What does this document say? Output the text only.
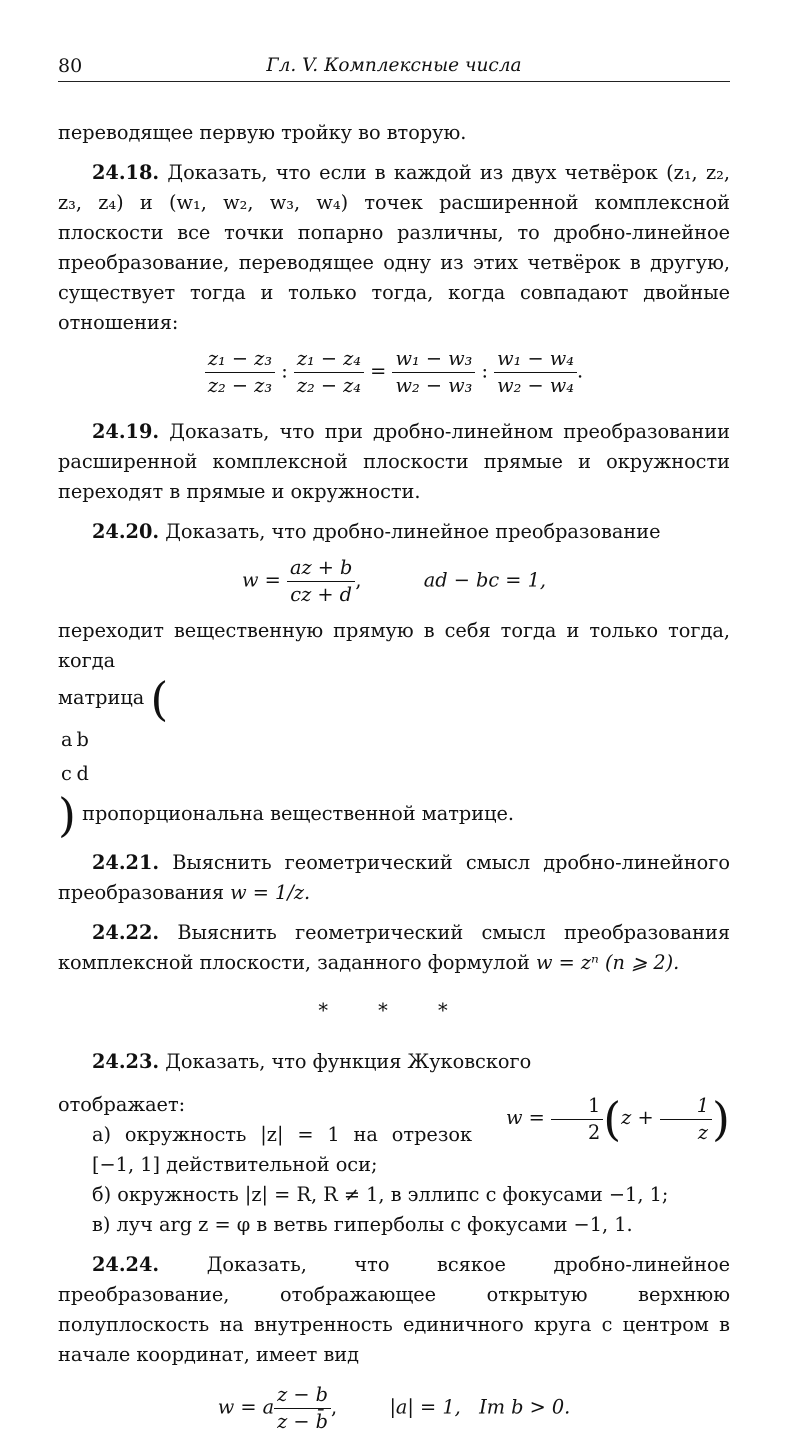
80	Гл. V. Комплексные числа

переводящее первую тройку во вторую.

24.18. Доказать, что если в каждой из двух четвёрок (z₁, z₂, z₃, z₄) и (w₁, w₂, w₃, w₄) точек расширенной комплексной плоскости все точки попарно различны, то дробно-линейное преобразование, переводящее одну из этих четвёрок в другую, существует тогда и только тогда, когда совпадают двойные отношения:

$\frac{\text{z₁ − z₃}}{\text{z₂ − z₃}}$ : $\frac{\text{z₁ − z₄}}{\text{z₂ − z₄}} = \frac{\text{w₁ − w₃}}{\text{w₂ − w₃}}$ : $\frac{\text{w₁ − w₄}}{\text{w₂ − w₄}}$ .

24.19. Доказать, что при дробно-линейном преобразовании расширенной комплексной плоскости прямые и окружности переходят в прямые и окружности.

24.20. Доказать, что дробно-линейное преобразование

$w = \frac{az + b}{cz + d}$ ,	ad − bc = 1,

переходит вещественную прямую в себя тогда и только тогда, когда

матрица (

a	b
c	d
) пропорциональна вещественной матрице.

24.21. Выяснить геометрический смысл дробно-линейного преобразования w = 1/z.

24.22. Выяснить геометрический смысл преобразования комплексной плоскости, заданного формулой w = zⁿ (n ⩾ 2).

* * *

24.23. Доказать, что функция Жуковского
$w = \frac{1}{2} (z + \frac{1}{z}$ )

отображает:

а) окружность |z| = 1 на отрезок [−1, 1] действительной оси;

б) окружность |z| = R, R ≠ 1, в эллипс с фокусами −1, 1;

в) луч arg z = φ в ветвь гиперболы с фокусами −1, 1.

24.24. Доказать, что всякое дробно-линейное преобразование, отображающее открытую верхнюю полуплоскость на внутренность единичного круга с центром в начале координат, имеет вид

w = a $\frac{z - b}{z - b̄}$ ,  |a| = 1,   Im b > 0.
